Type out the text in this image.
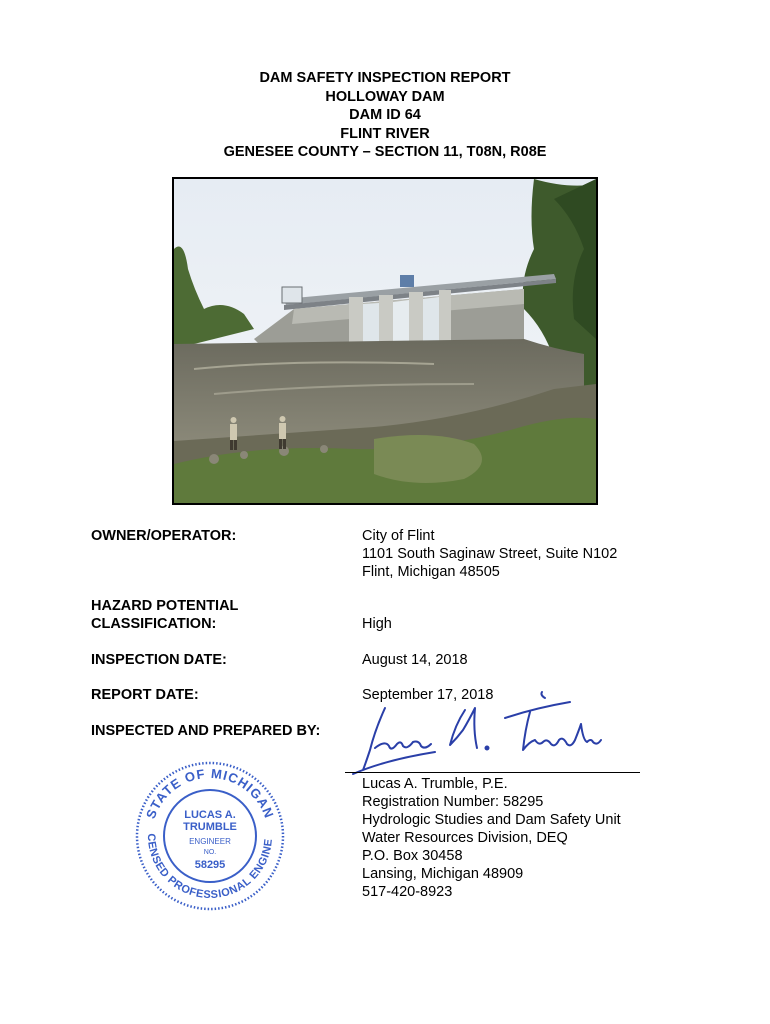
DAM SAFETY INSPECTION REPORT
HOLLOWAY DAM
DAM ID 64
FLINT RIVER
GENESEE COUNTY – SECTION 11, T08N, R08E
OWNER/OPERATOR:	City of Flint
1101 South Saginaw Street, Suite N102
Flint, Michigan 48505
HAZARD POTENTIAL
CLASSIFICATION:	High
INSPECTION DATE:	August 14, 2018
REPORT DATE:	September 17, 2018
INSPECTED AND PREPARED BY:
Lucas A. Trumble, P.E.
Registration Number: 58295
Hydrologic Studies and Dam Safety Unit
Water Resources Division, DEQ
P.O. Box 30458
Lansing, Michigan 48909
517-420-8923
STATE OF MICHIGAN
CENSED PROFESSIONAL ENGINE
LUCAS A.
TRUMBLE
ENGINEER
NO.
58295
